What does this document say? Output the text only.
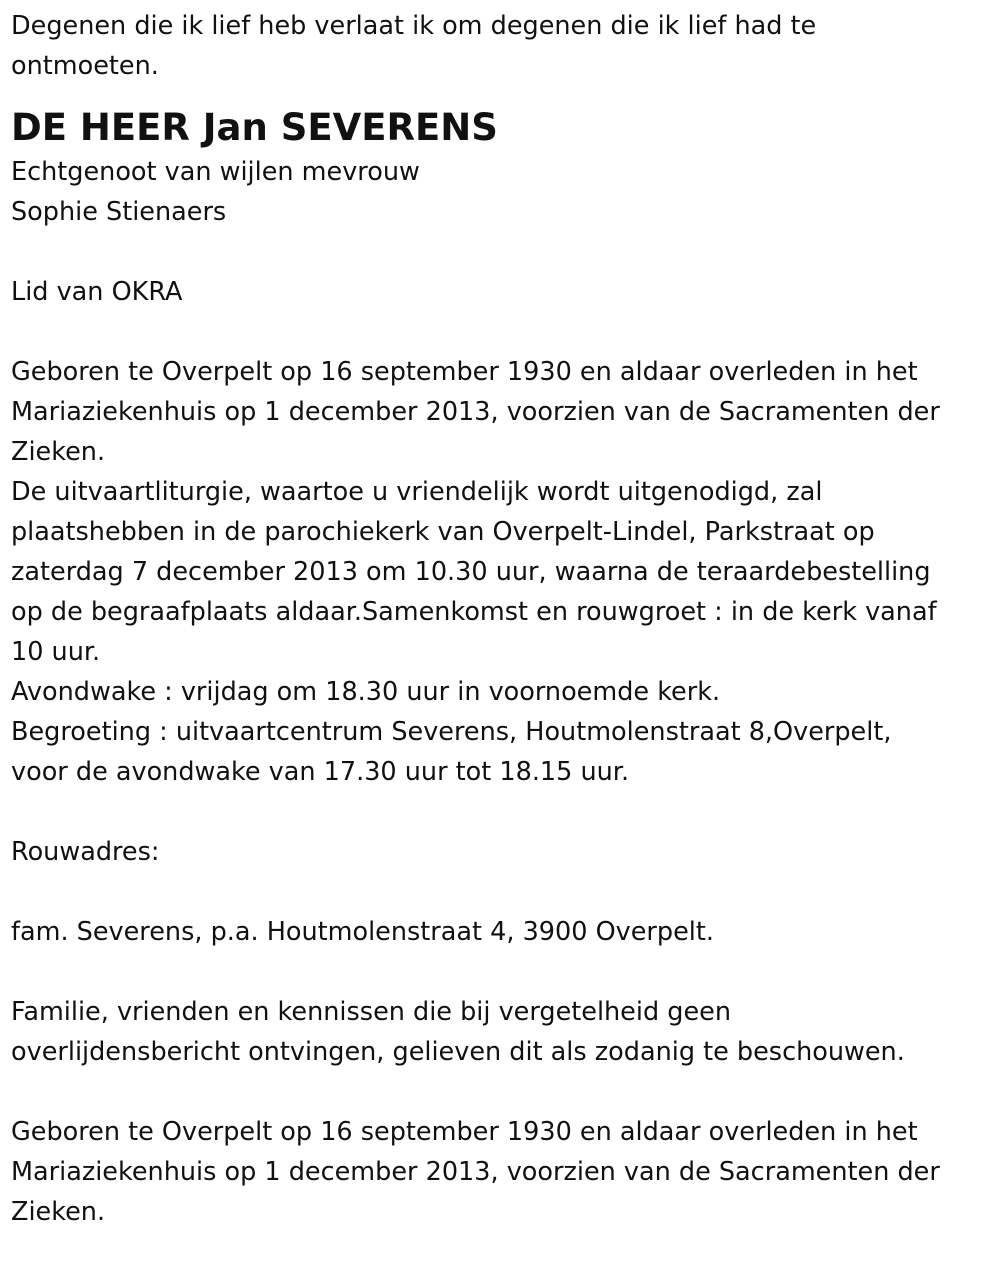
Degenen die ik lief heb verlaat ik om degenen die ik lief had te
ontmoeten.
DE HEER Jan SEVERENS
Echtgenoot van wijlen mevrouw
Sophie Stienaers
Lid van OKRA
Geboren te Overpelt op 16 september 1930 en aldaar overleden in het
Mariaziekenhuis op 1 december 2013, voorzien van de Sacramenten der
Zieken.
De uitvaartliturgie, waartoe u vriendelijk wordt uitgenodigd, zal
plaatshebben in de parochiekerk van Overpelt-Lindel, Parkstraat op
zaterdag 7 december 2013 om 10.30 uur, waarna de teraardebestelling
op de begraafplaats aldaar.Samenkomst en rouwgroet : in de kerk vanaf
10 uur.
Avondwake : vrijdag om 18.30 uur in voornoemde kerk.
Begroeting : uitvaartcentrum Severens, Houtmolenstraat 8,Overpelt,
voor de avondwake van 17.30 uur tot 18.15 uur.
Rouwadres:
fam. Severens, p.a. Houtmolenstraat 4, 3900 Overpelt.
Familie, vrienden en kennissen die bij vergetelheid geen
overlijdensbericht ontvingen, gelieven dit als zodanig te beschouwen.
Geboren te Overpelt op 16 september 1930 en aldaar overleden in het
Mariaziekenhuis op 1 december 2013, voorzien van de Sacramenten der
Zieken.
